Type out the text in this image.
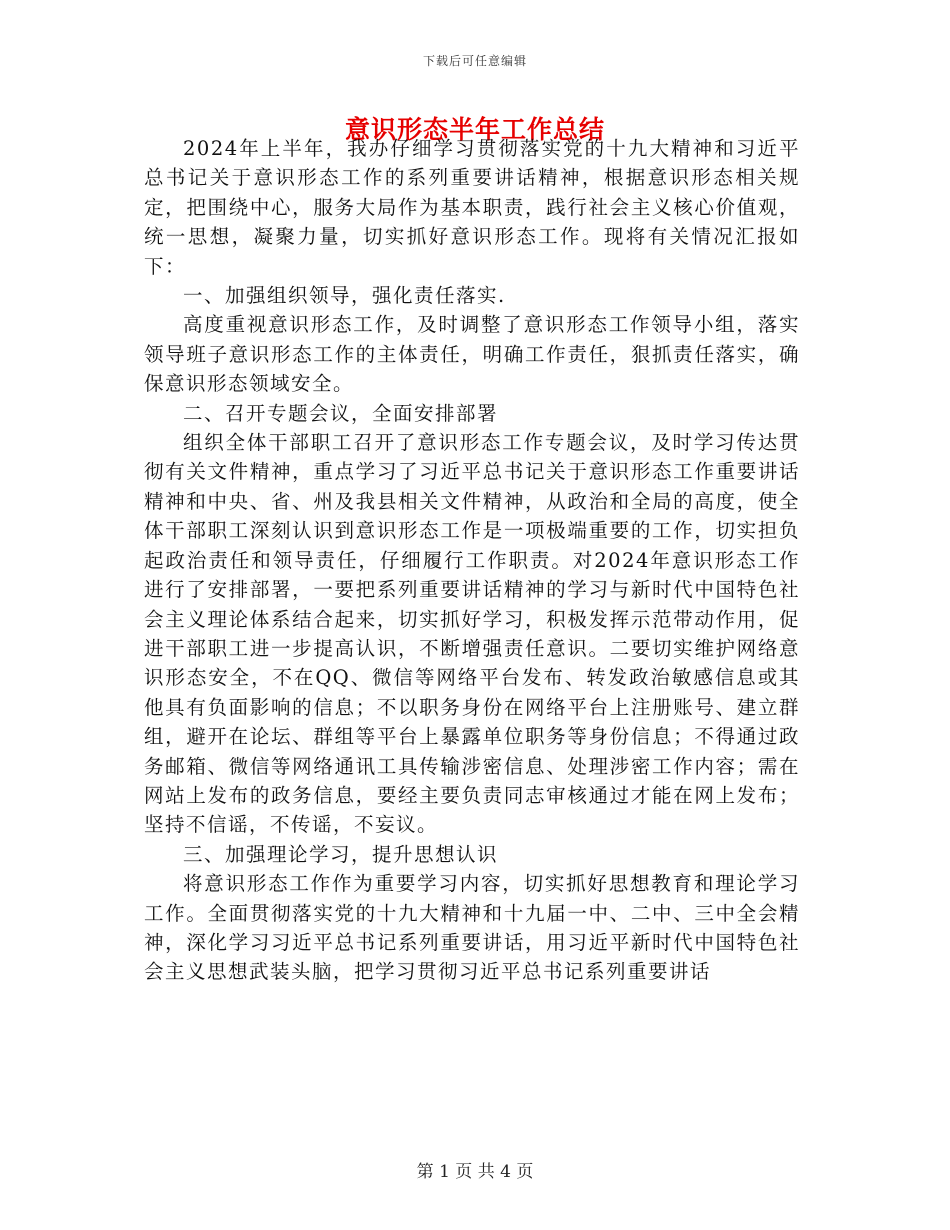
下载后可任意编辑
意识形态半年工作总结

2024年上半年，我办仔细学习贯彻落实党的十九大精神和习近平总书记关于意识形态工作的系列重要讲话精神，根据意识形态相关规定，把围绕中心，服务大局作为基本职责，践行社会主义核心价值观，统一思想，凝聚力量，切实抓好意识形态工作。现将有关情况汇报如下：

一、加强组织领导，强化责任落实.

高度重视意识形态工作，及时调整了意识形态工作领导小组，落实领导班子意识形态工作的主体责任，明确工作责任，狠抓责任落实，确保意识形态领域安全。

二、召开专题会议，全面安排部署

组织全体干部职工召开了意识形态工作专题会议，及时学习传达贯彻有关文件精神，重点学习了习近平总书记关于意识形态工作重要讲话精神和中央、省、州及我县相关文件精神，从政治和全局的高度，使全体干部职工深刻认识到意识形态工作是一项极端重要的工作，切实担负起政治责任和领导责任，仔细履行工作职责。对2024年意识形态工作进行了安排部署，一要把系列重要讲话精神的学习与新时代中国特色社会主义理论体系结合起来，切实抓好学习，积极发挥示范带动作用，促进干部职工进一步提高认识，不断增强责任意识。二要切实维护网络意识形态安全，不在QQ、微信等网络平台发布、转发政治敏感信息或其他具有负面影响的信息；不以职务身份在网络平台上注册账号、建立群组，避开在论坛、群组等平台上暴露单位职务等身份信息；不得通过政务邮箱、微信等网络通讯工具传输涉密信息、处理涉密工作内容；需在网站上发布的政务信息，要经主要负责同志审核通过才能在网上发布；坚持不信谣，不传谣，不妄议。

三、加强理论学习，提升思想认识

将意识形态工作作为重要学习内容，切实抓好思想教育和理论学习工作。全面贯彻落实党的十九大精神和十九届一中、二中、三中全会精神，深化学习习近平总书记系列重要讲话，用习近平新时代中国特色社会主义思想武装头脑，把学习贯彻习近平总书记系列重要讲话

第 1 页 共 4 页
